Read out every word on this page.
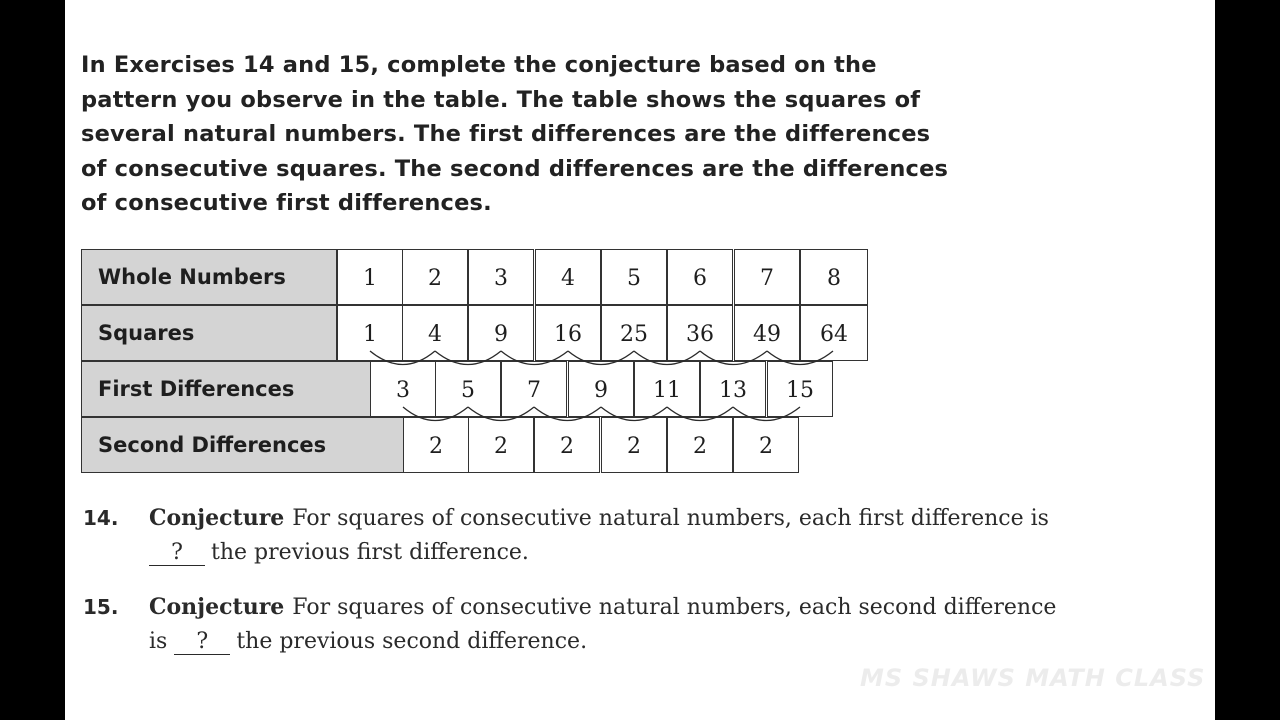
In Exercises 14 and 15, complete the conjecture based on the
pattern you observe in the table. The table shows the squares of
several natural numbers. The first differences are the differences
of consecutive squares. The second differences are the differences
of consecutive first differences.

Whole Numbers	1	2	3	4	5	6	7	8
Squares	1	4	9	16	25	36	49	64
First Differences	3	5	7	9	11	13	15
Second Differences	2	2	2	2	2	2
14. Conjecture For squares of consecutive natural numbers, each first difference is
? the previous first difference.
15. Conjecture For squares of consecutive natural numbers, each second difference
is ? the previous second difference.
MS SHAWS MATH CLASS
